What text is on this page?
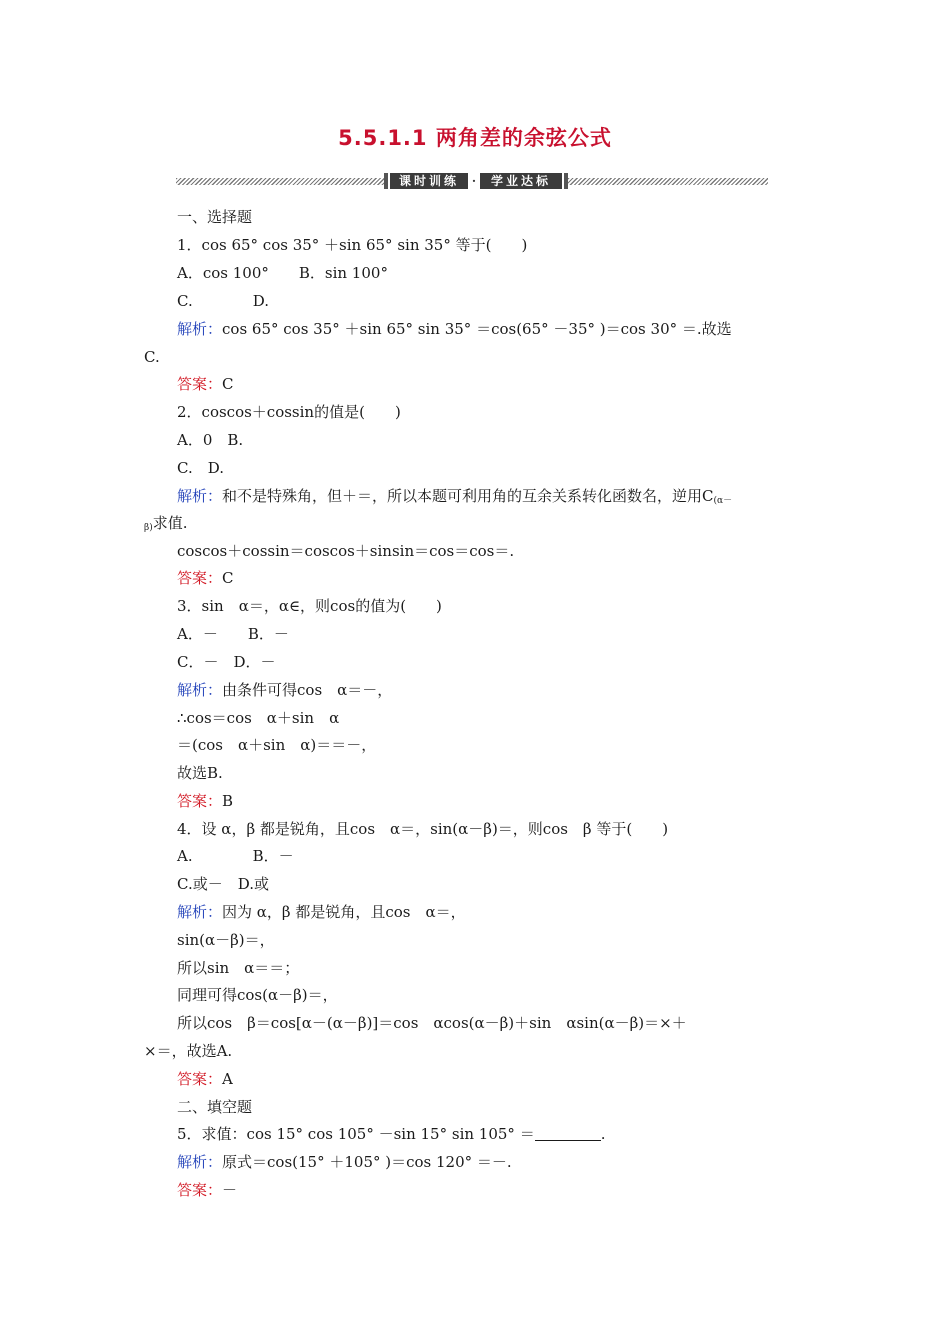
5.5.1.1 两角差的余弦公式
课时训练	·	学业达标
一、选择题
1．cos 65° cos 35° ＋sin 65° sin 35° 等于(　　)
A．cos 100°　　B．sin 100°
C.　　　　D.
解析：cos 65° cos 35° ＋sin 65° sin 35° ＝cos(65° －35° )＝cos 30° ＝.故选
C.
答案：C
2．coscos＋cossin的值是(　　)
A．0　B.
C.　D.
解析：和不是特殊角，但＋＝，所以本题可利用角的互余关系转化函数名，逆用$C_{(\alpha-}$
$_{\beta)}$求值.
coscos＋cossin＝coscos＋sinsin＝cos＝cos＝.
答案：C
3．sin　α＝，α∈，则cos的值为(　　)
A．－　　B．－
C．－　D．－
解析：由条件可得cos　α＝－，
∴cos＝cos　α＋sin　α
＝(cos　α＋sin　α)＝＝－，
故选B.
答案：B
4．设 α，β 都是锐角，且cos　α＝，sin(α－β)＝，则cos　β 等于(　　)
A.　　　　B．－
C.或－　D.或
解析：因为 α，β 都是锐角，且cos　α＝，
sin(α－β)＝，
所以sin　α＝＝；
同理可得cos(α－β)＝，
所以cos　β＝cos[α－(α－β)]＝cos　αcos(α－β)＋sin　αsin(α－β)＝×＋
×＝，故选A.
答案：A
二、填空题
5．求值：cos 15° cos 105° －sin 15° sin 105° ＝	.
解析：原式＝cos(15° ＋105° )＝cos 120° ＝－.
答案：－
